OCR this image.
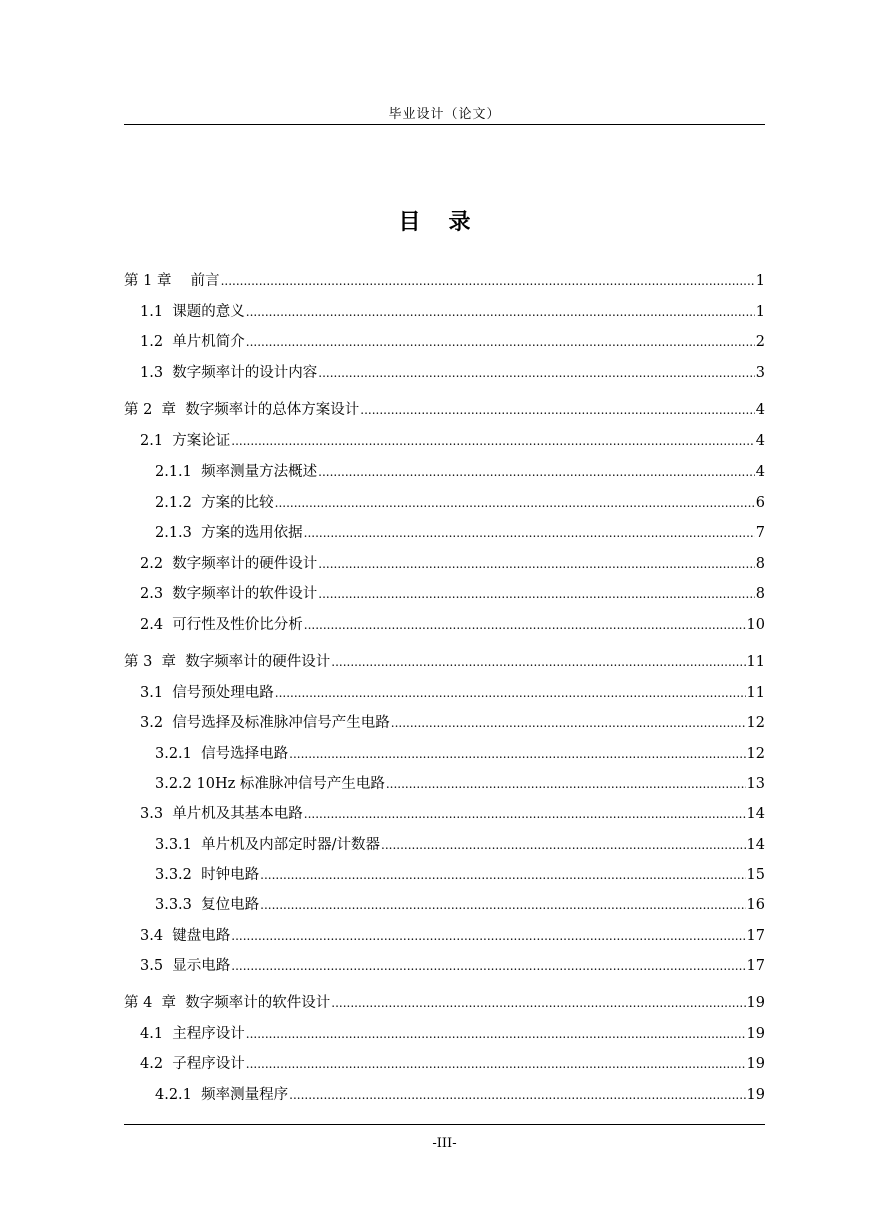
毕业设计（论文）
目 录
第 1 章　 前言 .....	1
1.1  课题的意义 .....	1
1.2  单片机简介 .....	2
1.3  数字频率计的设计内容 .....	3
第 2  章  数字频率计的总体方案设计 .....	4
2.1  方案论证 .....	4
2.1.1  频率测量方法概述 .....	4
2.1.2  方案的比较 .....	6
2.1.3  方案的选用依据 .....	7
2.2  数字频率计的硬件设计 .....	8
2.3  数字频率计的软件设计 .....	8
2.4  可行性及性价比分析 .....	10
第 3  章  数字频率计的硬件设计 .....	11
3.1  信号预处理电路 .....	11
3.2  信号选择及标准脉冲信号产生电路 .....	12
3.2.1  信号选择电路 .....	12
3.2.2 10Hz 标准脉冲信号产生电路 .....	13
3.3  单片机及其基本电路 .....	14
3.3.1  单片机及内部定时器/计数器 .....	14
3.3.2  时钟电路 .....	15
3.3.3  复位电路 .....	16
3.4  键盘电路 .....	17
3.5  显示电路 .....	17
第 4  章  数字频率计的软件设计 .....	19
4.1  主程序设计 .....	19
4.2  子程序设计 .....	19
4.2.1  频率测量程序 .....	19
-III-
